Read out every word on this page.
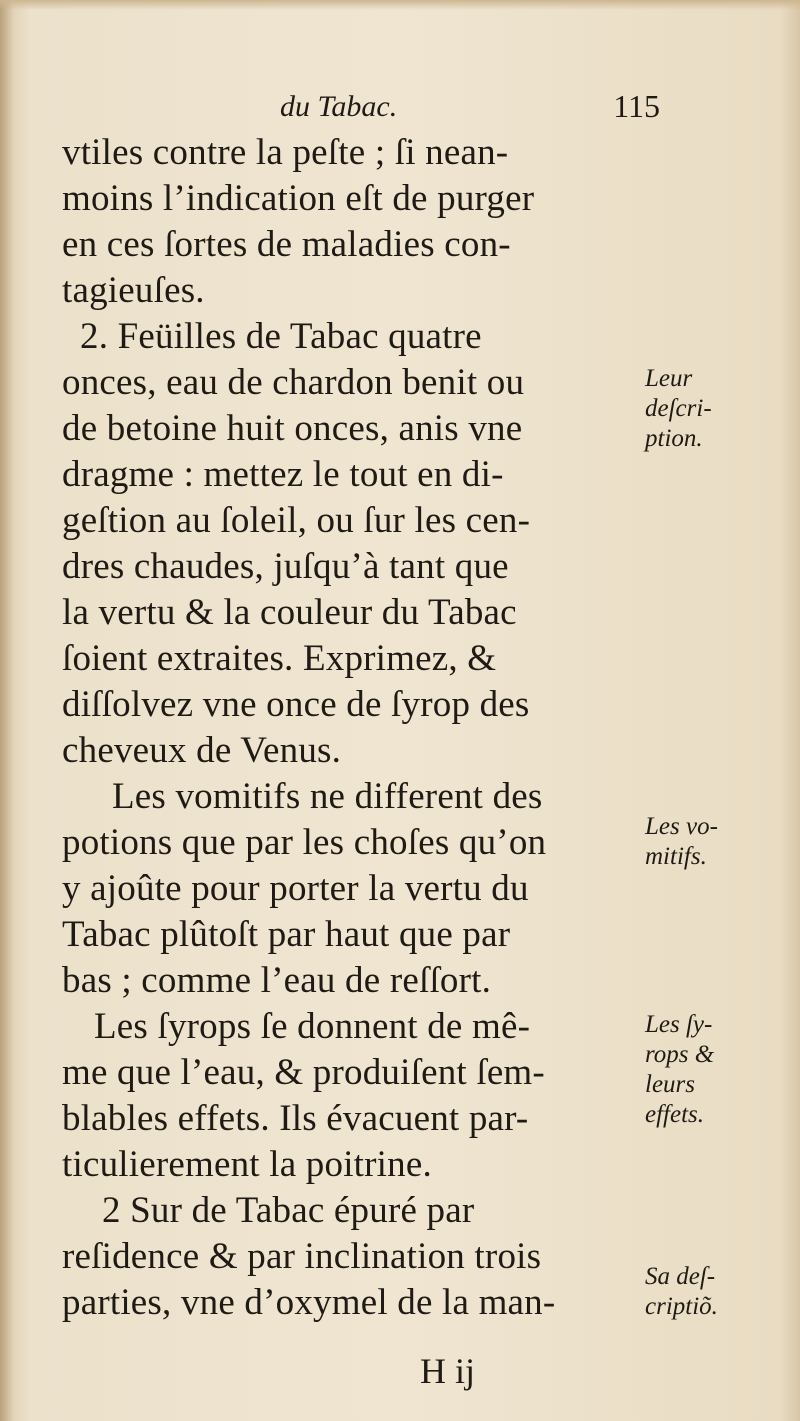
du Tabac.	115
vtiles contre la peſte ; ſi nean-
moins l’indication eſt de purger
en ces ſortes de maladies con-
tagieuſes.
2. Feüilles de Tabac quatre
onces, eau de chardon benit ou
de betoine huit onces, anis vne
dragme : mettez le tout en di-
geſtion au ſoleil, ou ſur les cen-
dres chaudes, juſqu’à tant que
la vertu & la couleur du Tabac
ſoient extraites. Exprimez, &
diſſolvez vne once de ſyrop des
cheveux de Venus.
Les vomitifs ne different des
potions que par les choſes qu’on
y ajoûte pour porter la vertu du
Tabac plûtoſt par haut que par
bas ; comme l’eau de reſſort.
Les ſyrops ſe donnent de mê-
me que l’eau, & produiſent ſem-
blables effets. Ils évacuent par-
ticulierement la poitrine.
2 Sur de Tabac épuré par
reſidence & par inclination trois
parties, vne d’oxymel de la man-
Leur
deſcri-
ption.
Les vo-
mitifs.
Les ſy-
rops &
leurs
effets.
Sa deſ-
criptiõ.
H ij
